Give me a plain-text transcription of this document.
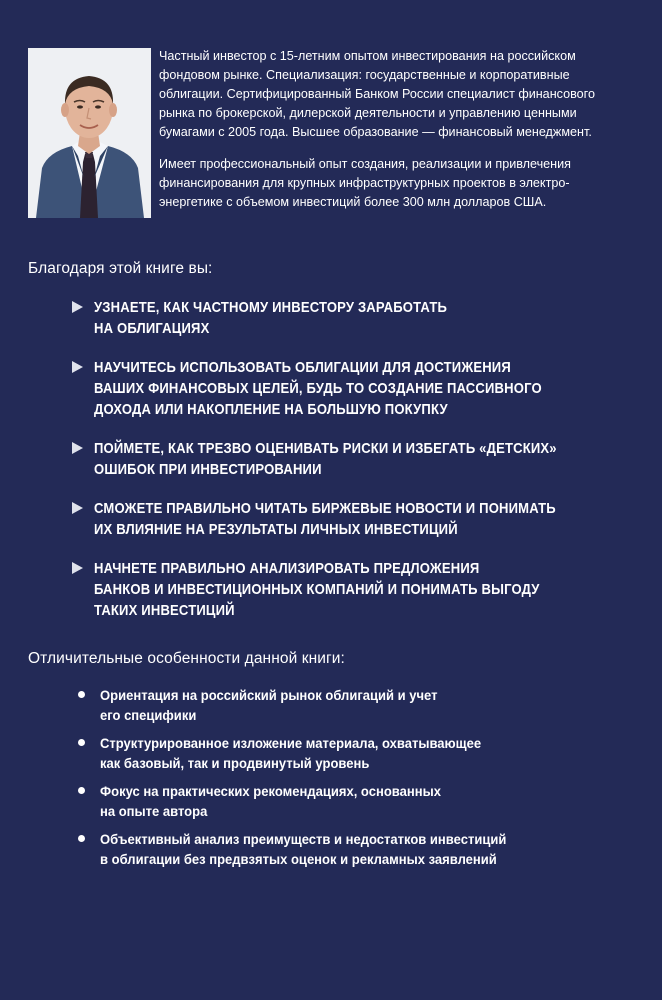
Частный инвестор с 15-летним опытом инвестирования на российском
фондовом рынке. Специализация: государственные и корпоративные
облигации. Сертифицированный Банком России специалист финансового
рынка по брокерской, дилерской деятельности и управлению ценными
бумагами с 2005 года. Высшее образование — финансовый менеджмент.

Имеет профессиональный опыт создания, реализации и привлечения
финансирования для крупных инфраструктурных проектов в электро-
энергетике с объемом инвестиций более 300 млн долларов США.

Благодаря этой книге вы:
УЗНАЕТЕ, КАК ЧАСТНОМУ ИНВЕСТОРУ ЗАРАБОТАТЬ
НА ОБЛИГАЦИЯХ
НАУЧИТЕСЬ ИСПОЛЬЗОВАТЬ ОБЛИГАЦИИ ДЛЯ ДОСТИЖЕНИЯ
ВАШИХ ФИНАНСОВЫХ ЦЕЛЕЙ, БУДЬ ТО СОЗДАНИЕ ПАССИВНОГО
ДОХОДА ИЛИ НАКОПЛЕНИЕ НА БОЛЬШУЮ ПОКУПКУ
ПОЙМЕТЕ, КАК ТРЕЗВО ОЦЕНИВАТЬ РИСКИ И ИЗБЕГАТЬ «ДЕТСКИХ»
ОШИБОК ПРИ ИНВЕСТИРОВАНИИ
СМОЖЕТЕ ПРАВИЛЬНО ЧИТАТЬ БИРЖЕВЫЕ НОВОСТИ И ПОНИМАТЬ
ИХ ВЛИЯНИЕ НА РЕЗУЛЬТАТЫ ЛИЧНЫХ ИНВЕСТИЦИЙ
НАЧНЕТЕ ПРАВИЛЬНО АНАЛИЗИРОВАТЬ ПРЕДЛОЖЕНИЯ
БАНКОВ И ИНВЕСТИЦИОННЫХ КОМПАНИЙ И ПОНИМАТЬ ВЫГОДУ
ТАКИХ ИНВЕСТИЦИЙ
Отличительные особенности данной книги:
Ориентация на российский рынок облигаций и учет
его специфики
Структурированное изложение материала, охватывающее
как базовый, так и продвинутый уровень
Фокус на практических рекомендациях, основанных
на опыте автора
Объективный анализ преимуществ и недостатков инвестиций
в облигации без предвзятых оценок и рекламных заявлений
